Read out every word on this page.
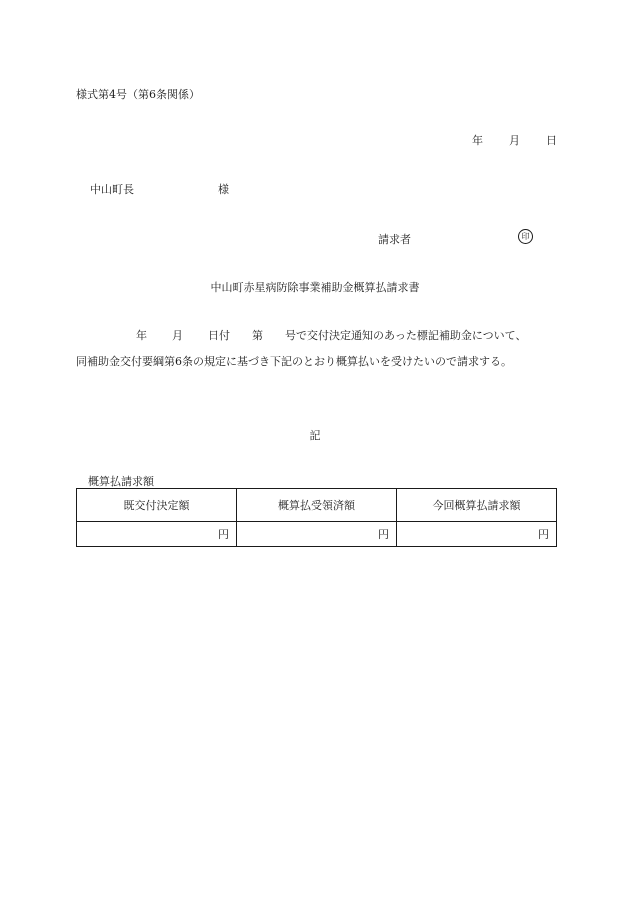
様式第4号（第6条関係）
年 月 日
中山町長	様
請求者	印
中山町赤星病防除事業補助金概算払請求書
年 月 日付 第 号で交付決定通知のあった標記補助金について、
同補助金交付要綱第6条の規定に基づき下記のとおり概算払いを受けたいので請求する。
記
概算払請求額
既交付決定額	概算払受領済額	今回概算払請求額
円	円	円
